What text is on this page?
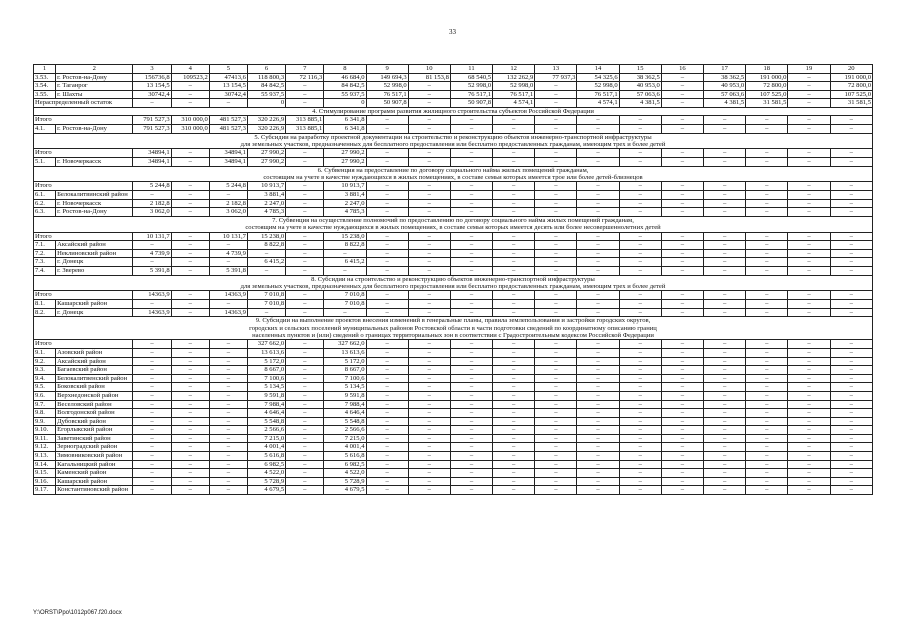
33
1	2	3	4	5	6	7	8	9	10	11	12	13	14	15	16	17	18	19	20
3.53.	г. Ростов-на-Дону	156736,8	109523,2	47413,6	118 800,3	72 116,3	46 684,0	149 694,3	81 153,8	68 540,5	132 262,9	77 937,3	54 325,6	38 362,5	–	38 362,5	191 000,0	–	191 000,0
3.54.	г. Таганрог	13 154,5	–	13 154,5	84 842,5	–	84 842,5	52 998,0	–	52 998,0	52 998,0	–	52 998,0	40 953,0	–	40 953,0	72 800,0	–	72 800,0
3.55.	г. Шахты	30742,4	–	30742,4	55 937,5	–	55 937,5	76 517,1	–	76 517,1	76 517,1	–	76 517,1	57 063,6	–	57 063,6	107 525,0	–	107 525,0
Нераспределенный остаток		–	–	–	0	–	0	50 907,8	–	50 907,8	4 574,1	–	4 574,1	4 381,5	–	4 381,5	31 581,5	–	31 581,5

4. Стимулирование программ развития жилищного строительства субъектов Российской Федерации																			

Итого		791 527,3	310 000,0	481 527,3	320 226,9	313 885,1	6 341,8	–	–	–	–	–	–	–	–	–	–	–	–
4.1.	г. Ростов-на-Дону	791 527,3	310 000,0	481 527,3	320 226,9	313 885,1	6 341,8	–	–	–	–	–	–	–	–	–	–	–	–

5. Субсидии на разработку проектной документации на строительство и реконструкцию объектов инженерно-транспортной инфраструктуры
для земельных участков, предназначенных для бесплатного предоставления или бесплатно предоставленных гражданам, имеющим трех и более детей																			

Итого		34894,1	–	34894,1	27 990,2	–	27 990,2	–	–	–	–	–	–	–	–	–	–	–	–
5.1.	г. Новочеркасск	34894,1	–	34894,1	27 990,2	–	27 990,2	–	–	–	–	–	–	–	–	–	–	–	–

6. Субвенция на предоставление по договору социального найма жилых помещений гражданам,
состоящим на учете в качестве нуждающихся в жилых помещениях, в составе семьи которых имеется трое или более детей-близнецов																			

Итого		5 244,8	–	5 244,8	10 913,7	–	10 913,7	–	–	–	–	–	–	–	–	–	–	–	–
6.1.	Белокалитвинский район	–	–	–	3 881,4	–	3 881,4	–	–	–	–	–	–	–	–	–	–	–	–
6.2.	г. Новочеркасск	2 182,8	–	2 182,8	2 247,0	–	2 247,0	–	–	–	–	–	–	–	–	–	–	–	–
6.3.	г. Ростов-на-Дону	3 062,0	–	3 062,0	4 785,3	–	4 785,3	–	–	–	–	–	–	–	–	–	–	–	–

7. Субвенция на осуществление полномочий по предоставлению по договору социального найма жилых помещений гражданам,
состоящим на учете в качестве нуждающихся в жилых помещениях, в составе семьи которых имеется десять или более несовершеннолетних детей																			

Итого		10 131,7	–	10 131,7	15 238,0	–	15 238,0	–	–	–	–	–	–	–	–	–	–	–	–
7.1.	Аксайский район	–	–	–	8 822,8	–	8 822,8	–	–	–	–	–	–	–	–	–	–	–	–
7.2.	Неклиновский район	4 739,9	–	4 739,9	–	–	–	–	–	–	–	–	–	–	–	–	–	–	–
7.3.	г. Донецк	–	–	–	6 415,2	–	6 415,2	–	–	–	–	–	–	–	–	–	–	–	–
7.4.	г. Зверево	5 391,8	–	5 391,8	–	–	–	–	–	–	–	–	–	–	–	–	–	–	–

8. Субсидии на строительство и реконструкцию объектов инженерно-транспортной инфраструктуры
для земельных участков, предназначенных для бесплатного предоставления или бесплатно предоставленных гражданам, имеющим трех и более детей																			

Итого		14363,9	–	14363,9	7 010,8	–	7 010,8	–	–	–	–	–	–	–	–	–	–	–	–
8.1.	Кашарский район	–	–	–	7 010,8	–	7 010,8	–	–	–	–	–	–	–	–	–	–	–	–
8.2.	г. Донецк	14363,9	–	14363,9	–	–	–	–	–	–	–	–	–	–	–	–	–	–	–

9. Субсидии на выполнение проектов внесения изменений в генеральные планы, правила землепользования и застройки городских округов,
городских и сельских поселений муниципальных районов Ростовской области в части подготовки сведений по координатному описанию границ
населенных пунктов и (или) сведений о границах территориальных зон в соответствии с Градостроительным кодексом Российской Федерации																			

Итого		–	–	–	327 662,0	–	327 662,0	–	–	–	–	–	–	–	–	–	–	–	–
9.1.	Азовский район	–	–	–	13 613,6	–	13 613,6	–	–	–	–	–	–	–	–	–	–	–	–
9.2.	Аксайский район	–	–	–	5 172,0	–	5 172,0	–	–	–	–	–	–	–	–	–	–	–	–
9.3.	Багаевский район	–	–	–	8 667,0	–	8 667,0	–	–	–	–	–	–	–	–	–	–	–	–
9.4.	Белокалитвенский район	–	–	–	7 100,6	–	7 100,6	–	–	–	–	–	–	–	–	–	–	–	–
9.5.	Боковский район	–	–	–	5 134,5	–	5 134,5	–	–	–	–	–	–	–	–	–	–	–	–
9.6.	Верхнедонской район	–	–	–	9 591,8	–	9 591,8	–	–	–	–	–	–	–	–	–	–	–	–
9.7.	Веселовский район	–	–	–	7 988,4	–	7 988,4	–	–	–	–	–	–	–	–	–	–	–	–
9.8.	Волгодонской район	–	–	–	4 646,4	–	4 646,4	–	–	–	–	–	–	–	–	–	–	–	–
9.9.	Дубовский район	–	–	–	5 548,8	–	5 548,8	–	–	–	–	–	–	–	–	–	–	–	–
9.10.	Егорлыкский район	–	–	–	2 566,6	–	2 566,6	–	–	–	–	–	–	–	–	–	–	–	–
9.11.	Заветинский район	–	–	–	7 215,0	–	7 215,0	–	–	–	–	–	–	–	–	–	–	–	–
9.12.	Зерноградский район	–	–	–	4 001,4	–	4 001,4	–	–	–	–	–	–	–	–	–	–	–	–
9.13.	Зимовниковский район	–	–	–	5 616,8	–	5 616,8	–	–	–	–	–	–	–	–	–	–	–	–
9.14.	Кагальницкий район	–	–	–	6 982,5	–	6 982,5	–	–	–	–	–	–	–	–	–	–	–	–
9.15.	Каменский район	–	–	–	4 522,0	–	4 522,0	–	–	–	–	–	–	–	–	–	–	–	–
9.16.	Кашарский район	–	–	–	5 728,9	–	5 728,9	–	–	–	–	–	–	–	–	–	–	–	–
9.17.	Константиновский район	–	–	–	4 679,5	–	4 679,5	–	–	–	–	–	–	–	–	–	–	–	–
Y:\ORST\Ppo\1012p067.f20.docx
